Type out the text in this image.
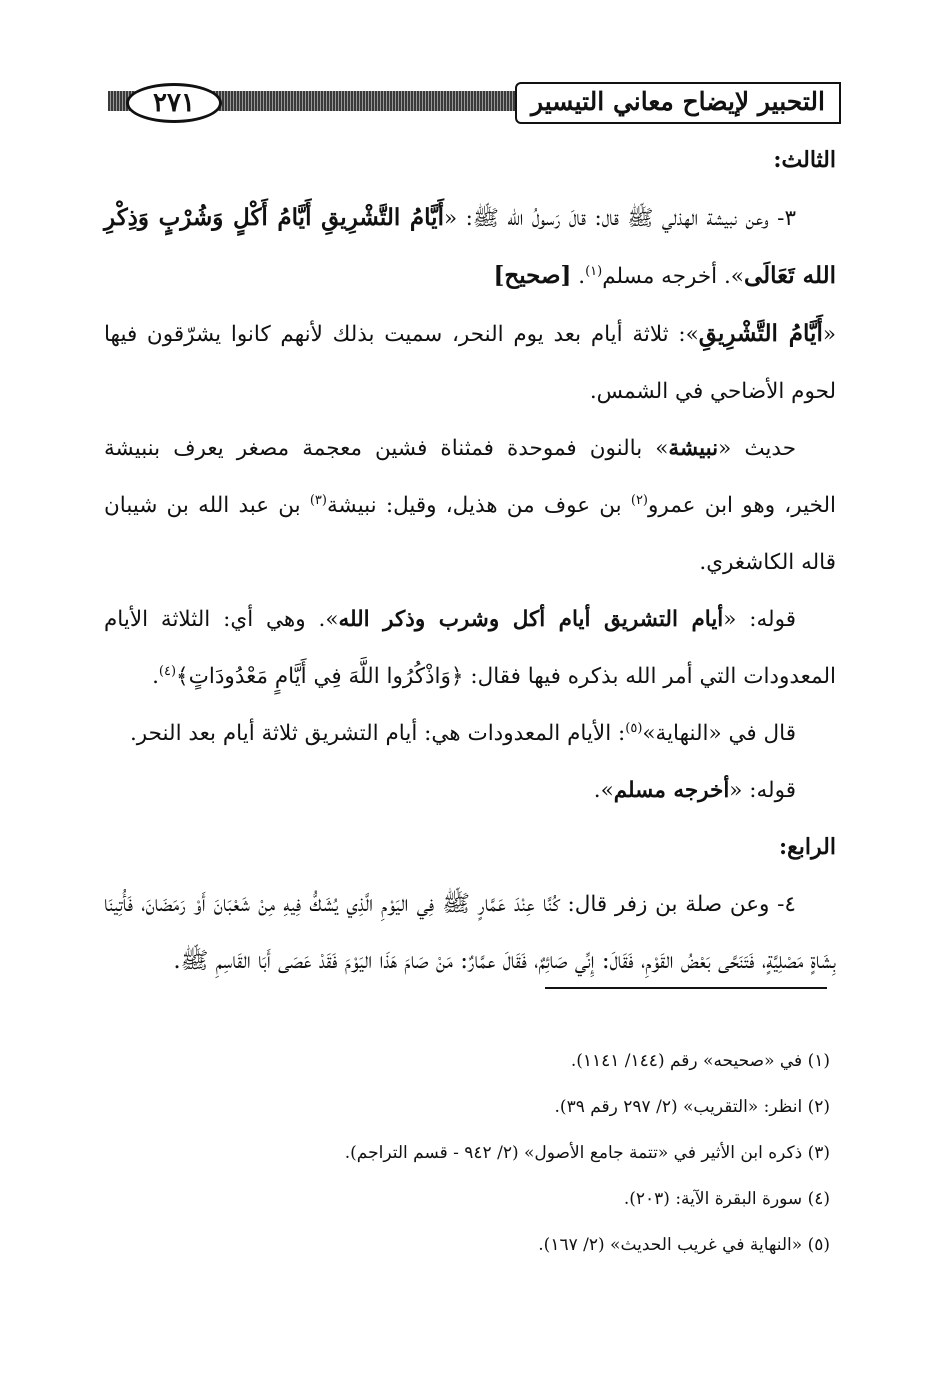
التحبير لإيضاح معاني التيسير
٢٧١

الثالث:

٣- وعن نبيشة الهذلي ﷺ قال: قالَ رَسولُ الله ﷺ: «أَيَّامُ التَّشْرِيقِ أَيَّامُ أَكْلٍ وَشُرْبٍ وَذِكْرِ الله تَعَالَى». أخرجه مسلم$^{(١)}$. [صحيح]

«أَيَّامُ التَّشْرِيقِ»: ثلاثة أيام بعد يوم النحر، سميت بذلك لأنهم كانوا يشرّقون فيها لحوم الأضاحي في الشمس.

حديث «نبيشة» بالنون فموحدة فمثناة فشين معجمة مصغر يعرف بنبيشة الخير، وهو ابن عمرو$^{(٢)}$ بن عوف من هذيل، وقيل: نبيشة$^{(٣)}$ بن عبد الله بن شيبان قاله الكاشغري.

قوله: «أيام التشريق أيام أكل وشرب وذكر الله». وهي أي: الثلاثة الأيام المعدودات التي أمر الله بذكره فيها فقال: ﴿وَاذْكُرُوا اللَّهَ فِي أَيَّامٍ مَعْدُودَاتٍ﴾$^{(٤)}$.

قال في «النهاية»$^{(٥)}$: الأيام المعدودات هي: أيام التشريق ثلاثة أيام بعد النحر.

قوله: «أخرجه مسلم».

الرابع:

٤- وعن صلة بن زفر قال: كُنَّا عِنْدَ عَمَّارٍ ﷺ فِي اليَوْمِ الَّذِي يُشَكُّ فِيهِ مِنْ شَعْبَانَ أَوْ رَمَضَانَ، فَأُتِينَا بِشَاةٍ مَصْلِيَّةٍ، فَتَنَحَّى بَعْضُ القَوْمِ، فَقَالَ: إِنِّي صَائِمٌ، فَقَالَ عمَّارٌ: مَنْ صَامَ هَذَا اليَوْمَ فَقَدْ عَصَى أَبَا القَاسِمِ ﷺ.

(١) في «صحيحه» رقم (١٤٤/ ١١٤١).

(٢) انظر: «التقريب» (٢/ ٢٩٧ رقم ٣٩).

(٣) ذكره ابن الأثير في «تتمة جامع الأصول» (٢/ ٩٤٢ - قسم التراجم).

(٤) سورة البقرة الآية: (٢٠٣).

(٥) «النهاية في غريب الحديث» (٢/ ١٦٧).
